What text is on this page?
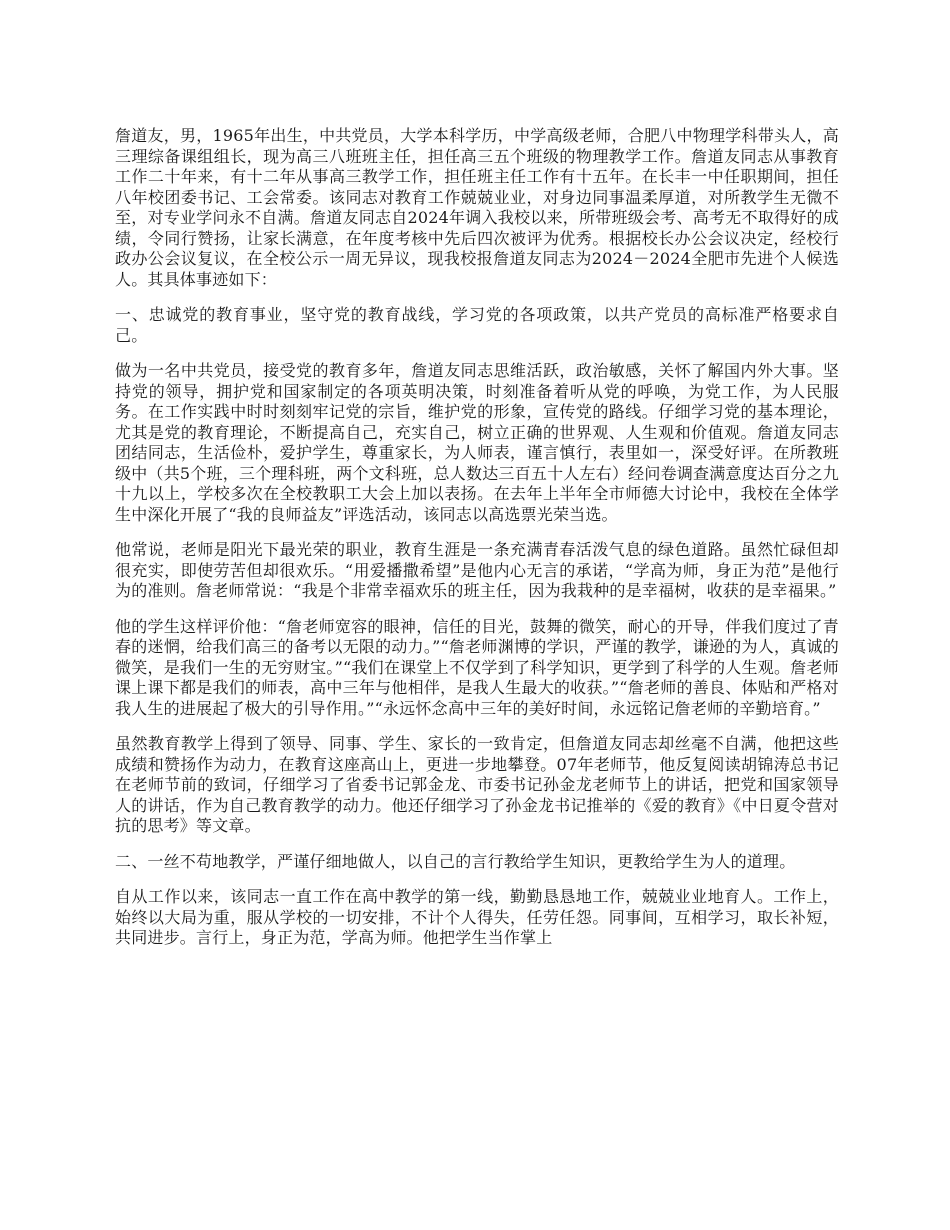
詹道友，男，1965年出生，中共党员，大学本科学历，中学高级老师，合肥八中物理学科带头人，高三理综备课组组长，现为高三八班班主任，担任高三五个班级的物理教学工作。詹道友同志从事教育工作二十年来，有十二年从事高三教学工作，担任班主任工作有十五年。在长丰一中任职期间，担任八年校团委书记、工会常委。该同志对教育工作兢兢业业，对身边同事温柔厚道，对所教学生无微不至，对专业学问永不自满。詹道友同志自2024年调入我校以来，所带班级会考、高考无不取得好的成绩，令同行赞扬，让家长满意，在年度考核中先后四次被评为优秀。根据校长办公会议决定，经校行政办公会议复议，在全校公示一周无异议，现我校报詹道友同志为2024－2024全肥市先进个人候选人。其具体事迹如下：

一、忠诚党的教育事业，坚守党的教育战线，学习党的各项政策，以共产党员的高标准严格要求自己。

做为一名中共党员，接受党的教育多年，詹道友同志思维活跃，政治敏感，关怀了解国内外大事。坚持党的领导，拥护党和国家制定的各项英明决策，时刻准备着听从党的呼唤，为党工作，为人民服务。在工作实践中时时刻刻牢记党的宗旨，维护党的形象，宣传党的路线。仔细学习党的基本理论，尤其是党的教育理论，不断提高自己，充实自己，树立正确的世界观、人生观和价值观。詹道友同志团结同志，生活俭朴，爱护学生，尊重家长，为人师表，谨言慎行，表里如一，深受好评。在所教班级中（共5个班，三个理科班，两个文科班，总人数达三百五十人左右）经问卷调查满意度达百分之九十九以上，学校多次在全校教职工大会上加以表扬。在去年上半年全市师德大讨论中，我校在全体学生中深化开展了“我的良师益友”评选活动，该同志以高选票光荣当选。

他常说，老师是阳光下最光荣的职业，教育生涯是一条充满青春活泼气息的绿色道路。虽然忙碌但却很充实，即使劳苦但却很欢乐。“用爱播撒希望”是他内心无言的承诺，“学高为师，身正为范”是他行为的准则。詹老师常说：“我是个非常幸福欢乐的班主任，因为我栽种的是幸福树，收获的是幸福果。”

他的学生这样评价他：“詹老师宽容的眼神，信任的目光，鼓舞的微笑，耐心的开导，伴我们度过了青春的迷惘，给我们高三的备考以无限的动力。”“詹老师渊博的学识，严谨的教学，谦逊的为人，真诚的微笑，是我们一生的无穷财宝。”“我们在课堂上不仅学到了科学知识，更学到了科学的人生观。詹老师课上课下都是我们的师表，高中三年与他相伴，是我人生最大的收获。”“詹老师的善良、体贴和严格对我人生的进展起了极大的引导作用。”“永远怀念高中三年的美好时间，永远铭记詹老师的辛勤培育。”

虽然教育教学上得到了领导、同事、学生、家长的一致肯定，但詹道友同志却丝毫不自满，他把这些成绩和赞扬作为动力，在教育这座高山上，更进一步地攀登。07年老师节，他反复阅读胡锦涛总书记在老师节前的致词，仔细学习了省委书记郭金龙、市委书记孙金龙老师节上的讲话，把党和国家领导人的讲话，作为自己教育教学的动力。他还仔细学习了孙金龙书记推举的《爱的教育》《中日夏令营对抗的思考》等文章。

二、一丝不苟地教学，严谨仔细地做人，以自己的言行教给学生知识，更教给学生为人的道理。

自从工作以来，该同志一直工作在高中教学的第一线，勤勤恳恳地工作，兢兢业业地育人。工作上，始终以大局为重，服从学校的一切安排，不计个人得失，任劳任怨。同事间，互相学习，取长补短，共同进步。言行上，身正为范，学高为师。他把学生当作掌上
